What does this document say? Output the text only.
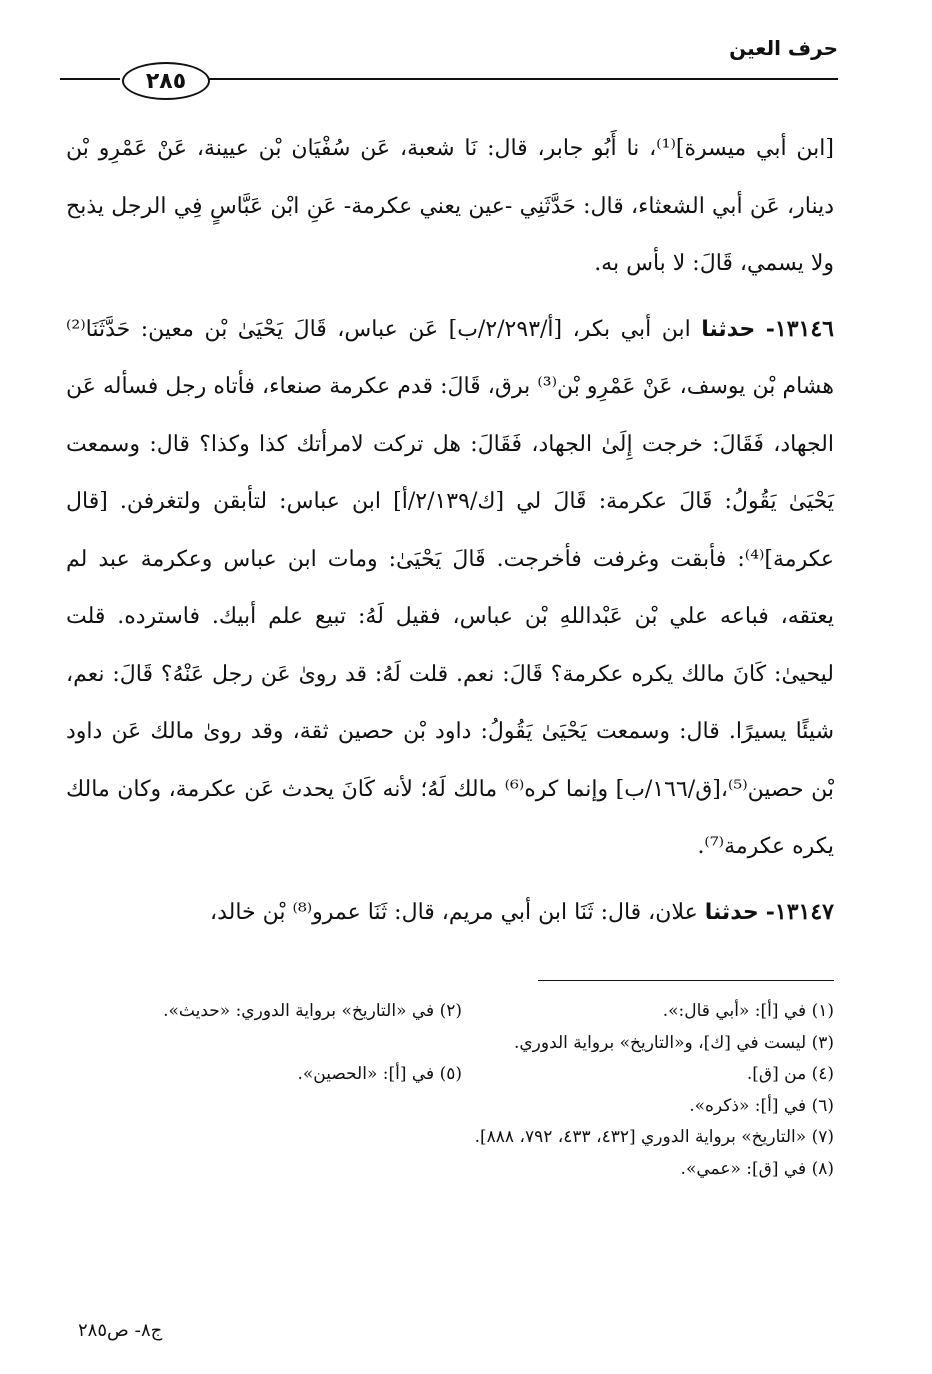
حرف العين
٢٨٥

[ابن أبي ميسرة]⁽¹⁾، نا أَبُو جابر، قال: نَا شعبة، عَن سُفْيَان بْن عيينة، عَنْ عَمْرِو بْن دينار، عَن أبي الشعثاء، قال: حَدَّثَنِي -عين يعني عكرمة- عَنِ ابْن عَبَّاسٍ فِي الرجل يذبح ولا يسمي، قَالَ: لا بأس به.

١٣١٤٦- حدثنا ابن أبي بكر، [أ/٢/٢٩٣/ب] عَن عباس، قَالَ يَحْيَىٰ بْن معين: حَدَّثَنَا⁽²⁾ هشام بْن يوسف، عَنْ عَمْرِو بْن⁽³⁾ برق، قَالَ: قدم عكرمة صنعاء، فأتاه رجل فسأله عَن الجهاد، فَقَالَ: خرجت إِلَىٰ الجهاد، فَقَالَ: هل تركت لامرأتك كذا وكذا؟ قال: وسمعت يَحْيَىٰ يَقُولُ: قَالَ عكرمة: قَالَ لي [ك/٢/١٣٩/أ] ابن عباس: لتأبقن ولتغرفن. [قال عكرمة]⁽⁴⁾: فأبقت وغرفت فأخرجت. قَالَ يَحْيَىٰ: ومات ابن عباس وعكرمة عبد لم يعتقه، فباعه علي بْن عَبْداللهِ بْن عباس، فقيل لَهُ: تبيع علم أبيك. فاسترده. قلت ليحيىٰ: كَانَ مالك يكره عكرمة؟ قَالَ: نعم. قلت لَهُ: قد روىٰ عَن رجل عَنْهُ؟ قَالَ: نعم، شيئًا يسيرًا. قال: وسمعت يَحْيَىٰ يَقُولُ: داود بْن حصين ثقة، وقد روىٰ مالك عَن داود بْن حصين⁽⁵⁾،[ق/١٦٦/ب] وإنما كره⁽⁶⁾ مالك لَهُ؛ لأنه كَانَ يحدث عَن عكرمة، وكان مالك يكره عكرمة⁽⁷⁾.

١٣١٤٧- حدثنا علان، قال: ثَنَا ابن أبي مريم، قال: ثَنَا عمرو⁽⁸⁾ بْن خالد،

(١) في [أ]: «أبي قال:».
(٢) في «التاريخ» برواية الدوري: «حديث».
(٣) ليست في [ك]، و«التاريخ» برواية الدوري.
(٤) من [ق].
(٥) في [أ]: «الحصين».
(٦) في [أ]: «ذكره».
(٧) «التاريخ» برواية الدوري [٤٣٢، ٤٣٣، ٧٩٢، ٨٨٨].
(٨) في [ق]: «عمي».
ج٨- ص٢٨٥
